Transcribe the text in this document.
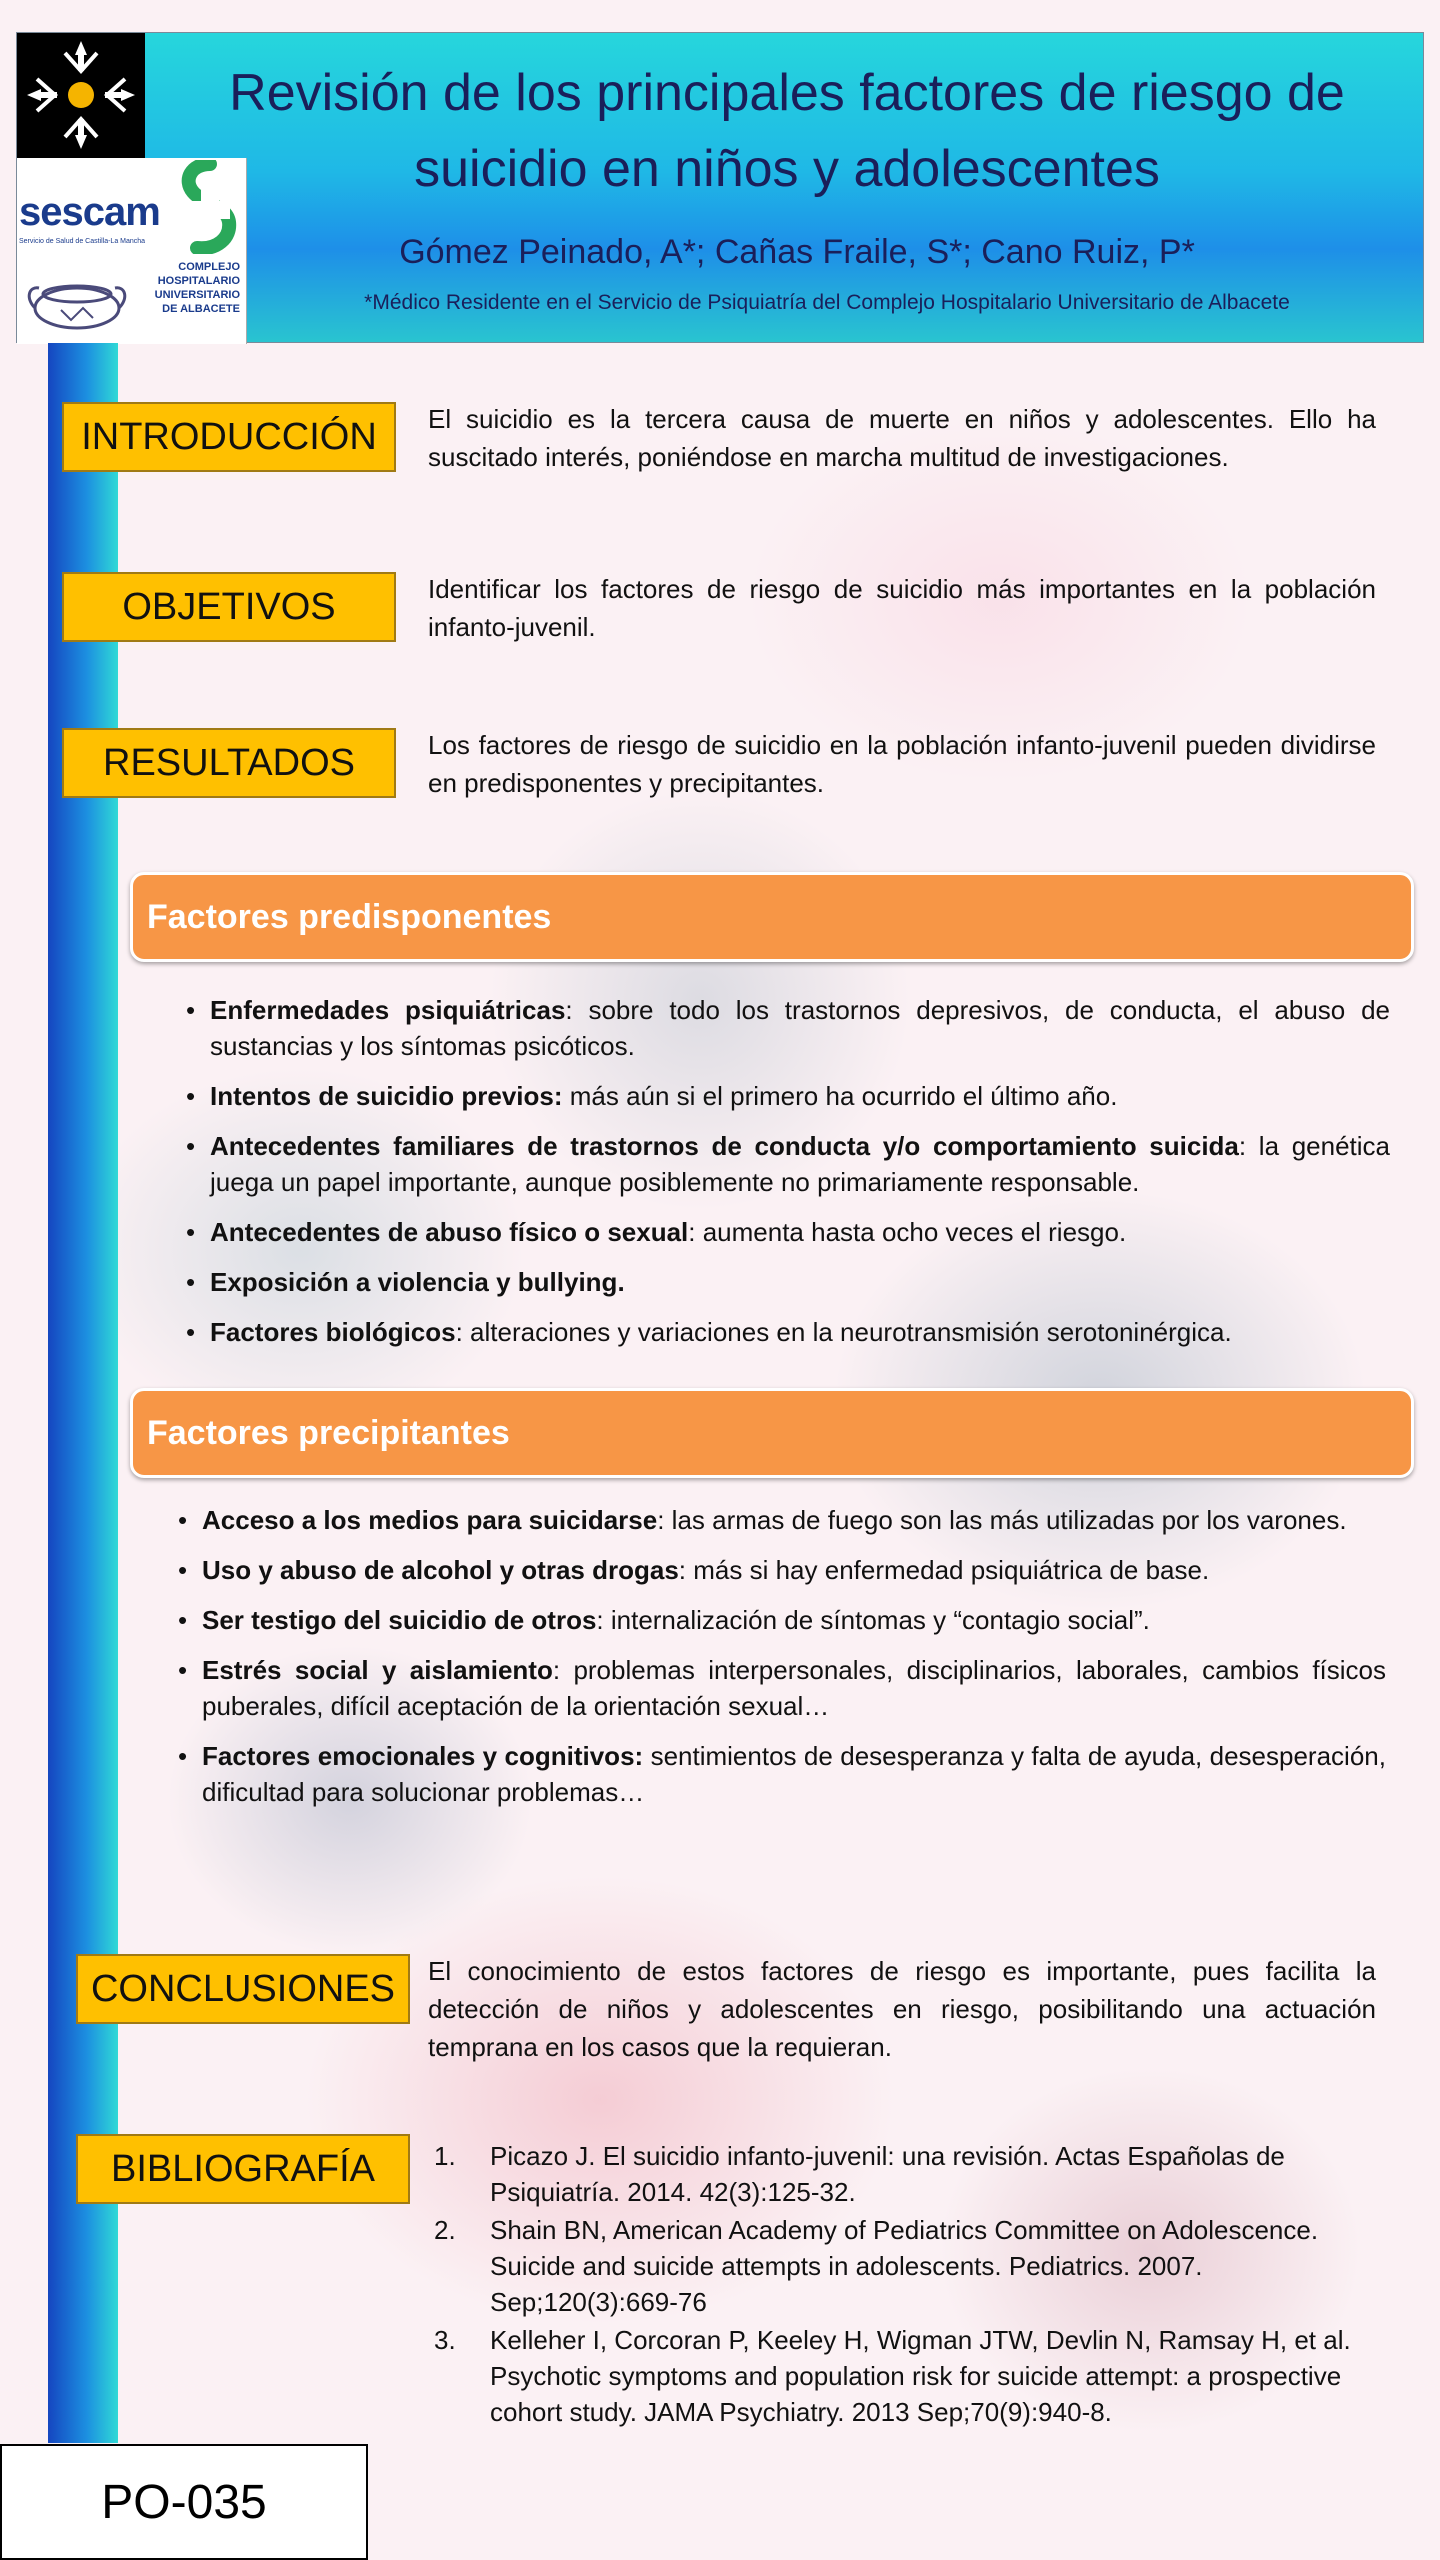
sescam
Servicio de Salud de Castilla-La Mancha
COMPLEJO HOSPITALARIO UNIVERSITARIO DE ALBACETE
Revisión de los principales factores de riesgo de suicidio en niños y adolescentes
Gómez Peinado, A*; Cañas Fraile, S*; Cano Ruiz, P*
*Médico Residente en el Servicio de Psiquiatría del Complejo Hospitalario Universitario de Albacete
INTRODUCCIÓN	El suicidio es la tercera causa de muerte en niños y adolescentes. Ello ha suscitado interés, poniéndose en marcha multitud de investigaciones.
OBJETIVOS	Identificar los factores de riesgo de suicidio más importantes en la población infanto-juvenil.
RESULTADOS	Los factores de riesgo de suicidio en la población infanto-juvenil pueden dividirse en predisponentes y precipitantes.
Factores predisponentes
• Enfermedades psiquiátricas: sobre todo los trastornos depresivos, de conducta, el abuso de sustancias y los síntomas psicóticos.
• Intentos de suicidio previos: más aún si el primero ha ocurrido el último año.
• Antecedentes familiares de trastornos de conducta y/o comportamiento suicida: la genética juega un papel importante, aunque posiblemente no primariamente responsable.
• Antecedentes de abuso físico o sexual: aumenta hasta ocho veces el riesgo.
• Exposición a violencia y bullying.
• Factores biológicos: alteraciones y variaciones en la neurotransmisión serotoninérgica.
Factores precipitantes
• Acceso a los medios para suicidarse: las armas de fuego son las más utilizadas por los varones.
• Uso y abuso de alcohol y otras drogas: más si hay enfermedad psiquiátrica de base.
• Ser testigo del suicidio de otros: internalización de síntomas y “contagio social”.
• Estrés social y aislamiento: problemas interpersonales, disciplinarios, laborales, cambios físicos puberales, difícil aceptación de la orientación sexual…
• Factores emocionales y cognitivos: sentimientos de desesperanza y falta de ayuda, desesperación, dificultad para solucionar problemas…
CONCLUSIONES	El conocimiento de estos factores de riesgo es importante, pues facilita la detección de niños y adolescentes en riesgo, posibilitando una actuación temprana en los casos que la requieran.
BIBLIOGRAFÍA	1. Picazo J. El suicidio infanto-juvenil: una revisión. Actas Españolas de Psiquiatría. 2014. 42(3):125-32.
2. Shain BN, American Academy of Pediatrics Committee on Adolescence. Suicide and suicide attempts in adolescents. Pediatrics. 2007. Sep;120(3):669-76
3. Kelleher I, Corcoran P, Keeley H, Wigman JTW, Devlin N, Ramsay H, et al. Psychotic symptoms and population risk for suicide attempt: a prospective cohort study. JAMA Psychiatry. 2013 Sep;70(9):940-8.
PO-035
